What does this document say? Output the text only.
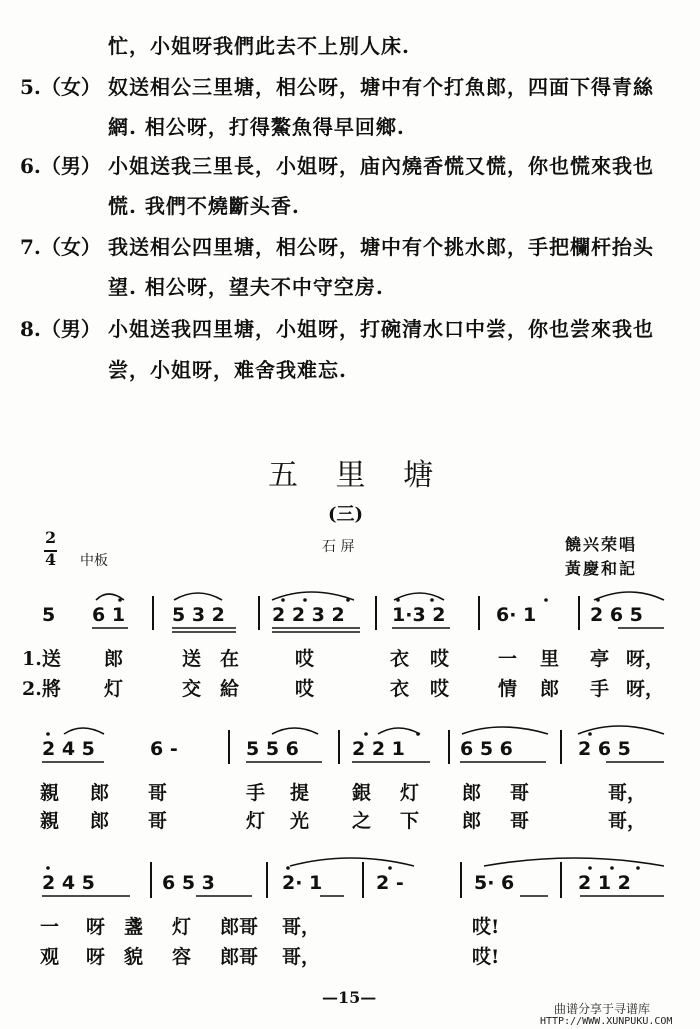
忙，小姐呀我們此去不上別人床.
5.（女） 奴送相公三里塘，相公呀，塘中有个打魚郎，四面下得青絲
網. 相公呀，打得鰲魚得早回鄉.
6.（男） 小姐送我三里長，小姐呀，庙內燒香慌又慌，你也慌來我也
慌. 我們不燒斷头香.
7.（女） 我送相公四里塘，相公呀，塘中有个挑水郎，手把欄杆抬头
望. 相公呀，望夫不中守空房.
8.（男） 小姐送我四里塘，小姐呀，打碗清水口中尝，你也尝來我也
尝，小姐呀，难舍我难忘.
五 里 塘
(三)
2
4 中板
石 屏	饒兴荣唱
黃慶和記
5 6 1 5 3 2 2 2 3 2 1·3 2	6· 1	2 6 5
1.送 郎	送 在	哎	衣 哎	一 里 亭 呀，
2.將 灯	交 給	哎	衣 哎	情 郎 手 呀，
2 4 5	6 -	5 5 6	2 2 1	6 5 6	2 6 5
親 郎 哥	手 提 銀 灯 郎 哥	哥，
親 郎 哥	灯 光 之 下 郎 哥	哥，
2 4 5	6 5 3	2· 1	2 -	5· 6	2 1 2
一 呀 盞 灯 郎哥 哥，	哎!
观 呀 貌 容 郎哥 哥，	哎!
—15—
曲谱分享于寻谱库
HTTP://WWW.XUNPUKU.COM
